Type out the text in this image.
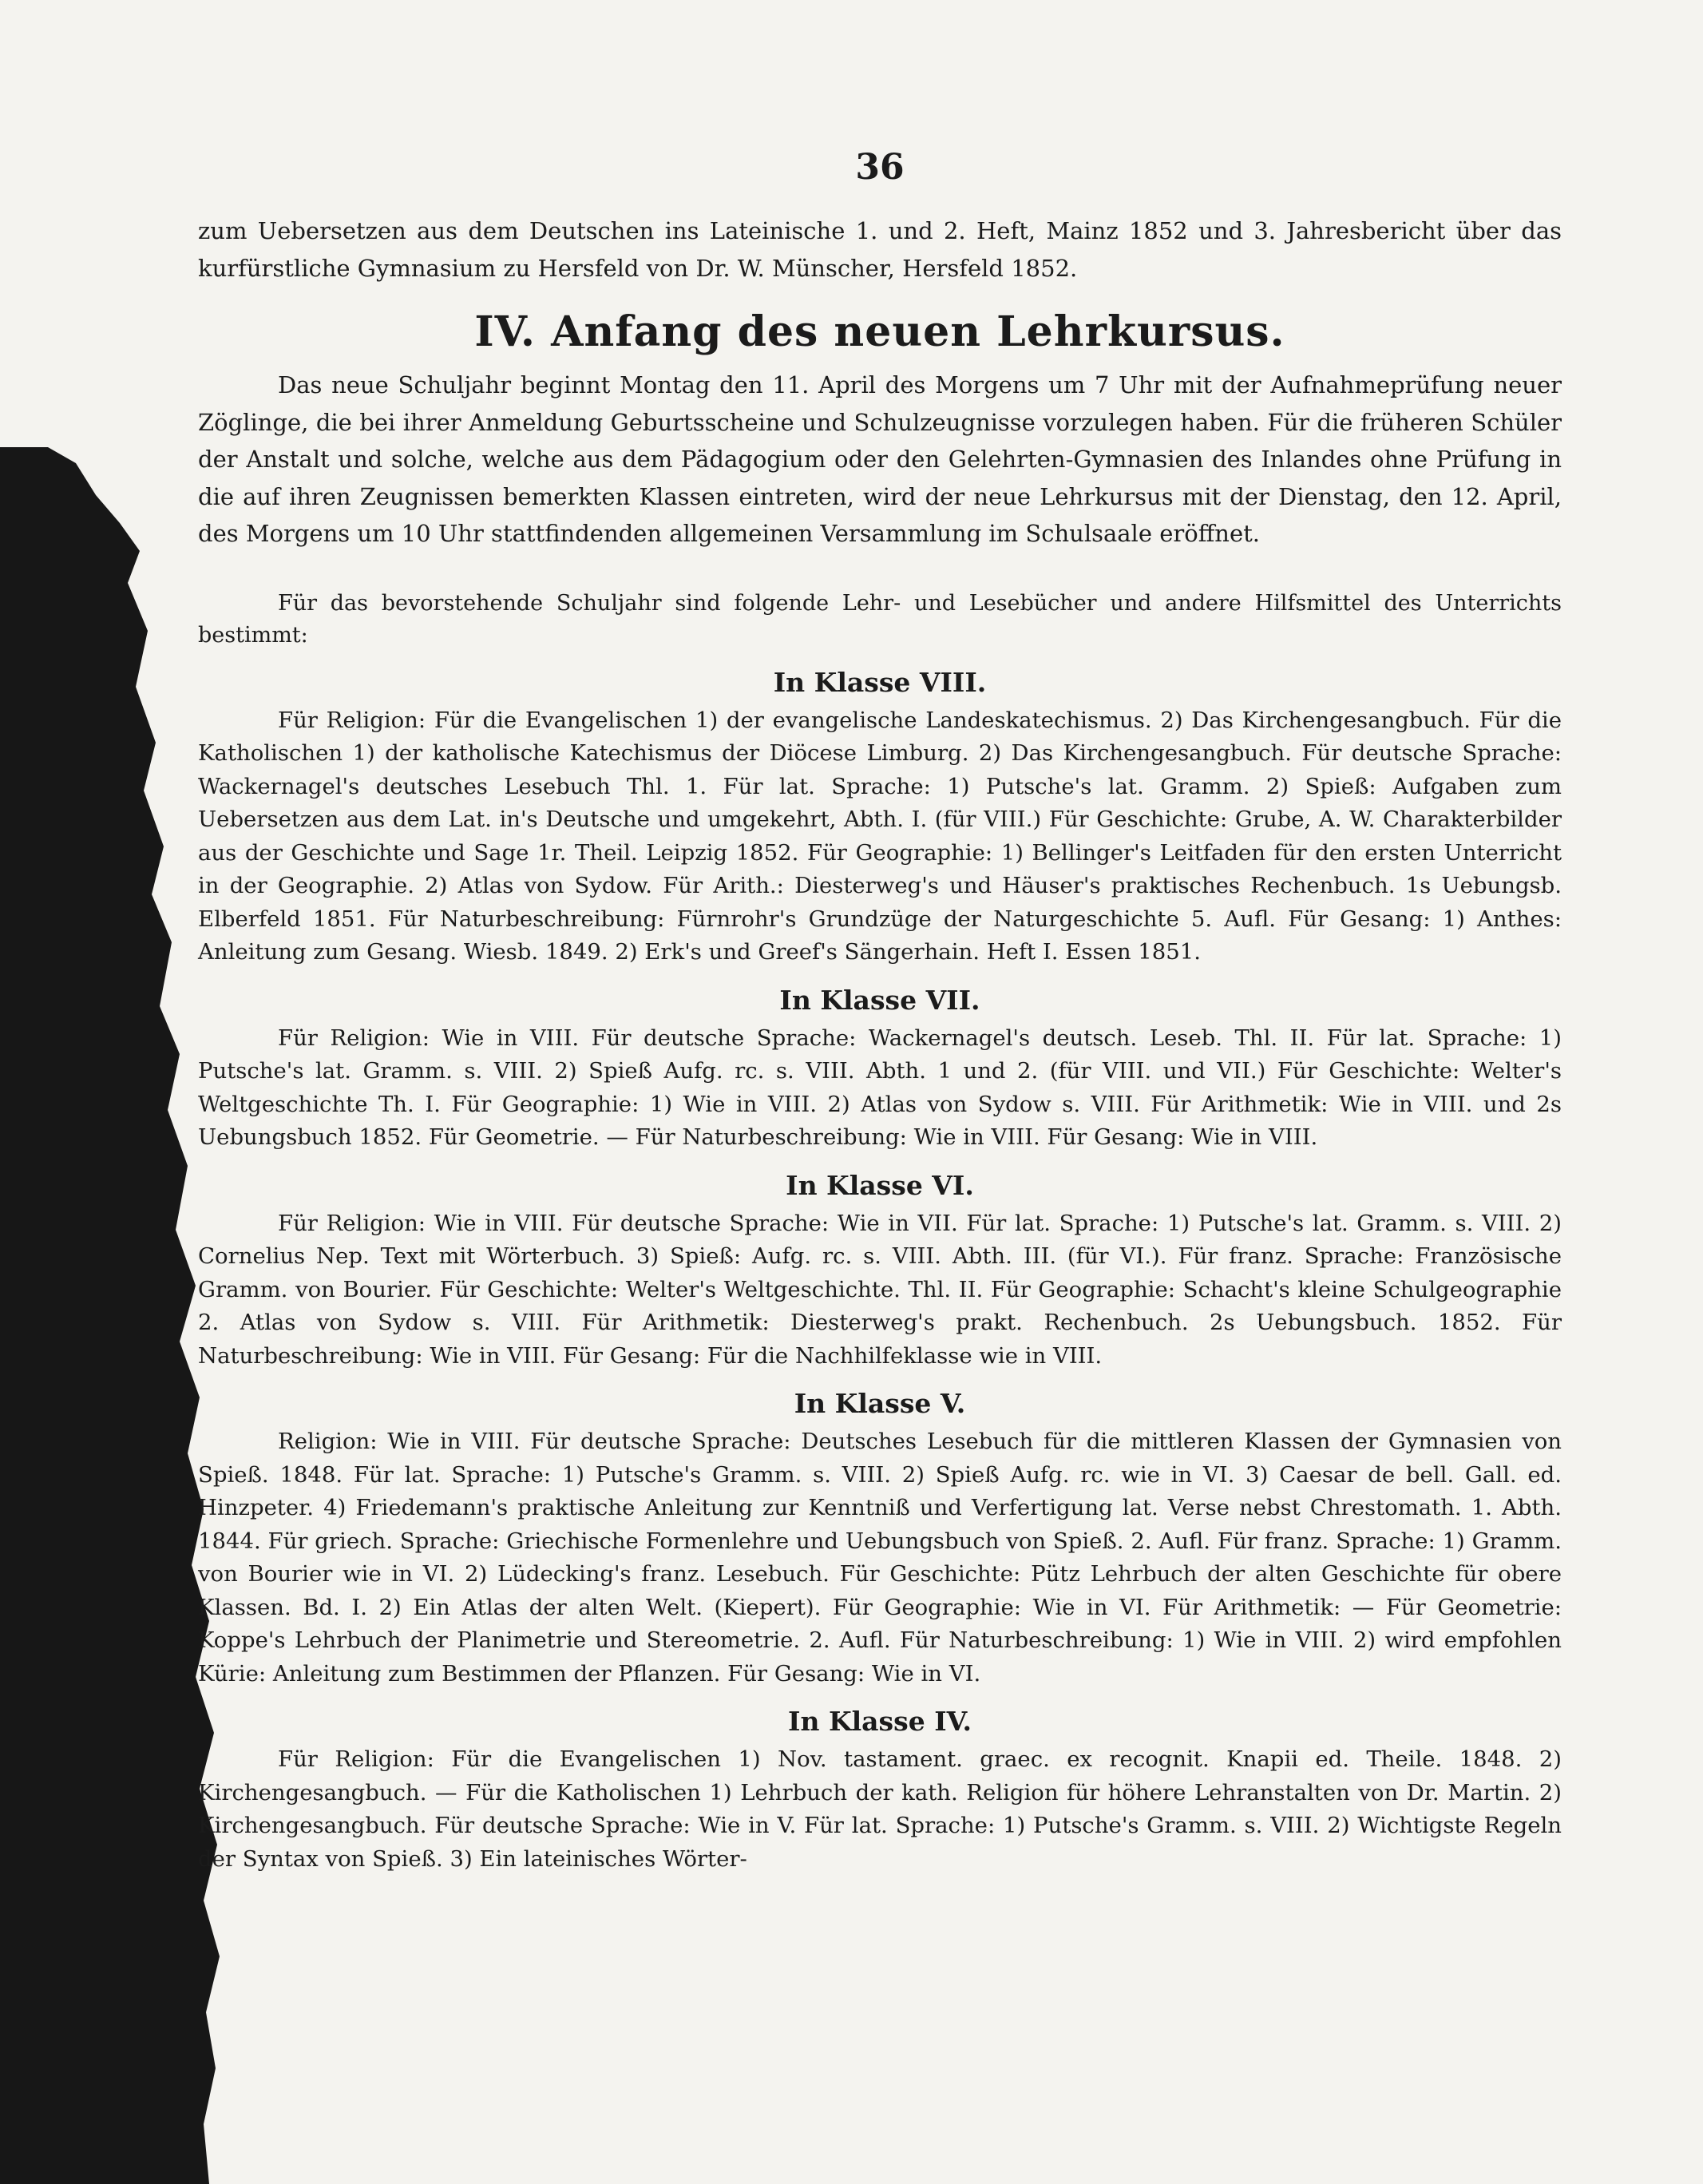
36

zum Uebersetzen aus dem Deutschen ins Lateinische 1. und 2. Heft, Mainz 1852 und 3. Jahresbericht über das kurfürstliche Gymnasium zu Hersfeld von Dr. W. Münscher, Hersfeld 1852.

IV. Anfang des neuen Lehrkursus.

Das neue Schuljahr beginnt Montag den 11. April des Morgens um 7 Uhr mit der Aufnahmeprüfung neuer Zöglinge, die bei ihrer Anmeldung Geburtsscheine und Schulzeugnisse vorzulegen haben. Für die früheren Schüler der Anstalt und solche, welche aus dem Pädagogium oder den Gelehrten-Gymnasien des Inlandes ohne Prüfung in die auf ihren Zeugnissen bemerkten Klassen eintreten, wird der neue Lehrkursus mit der Dienstag, den 12. April, des Morgens um 10 Uhr stattfindenden allgemeinen Versammlung im Schulsaale eröffnet.

Für das bevorstehende Schuljahr sind folgende Lehr- und Lesebücher und andere Hilfsmittel des Unterrichts bestimmt:

In Klasse VIII.

Für Religion: Für die Evangelischen 1) der evangelische Landeskatechismus. 2) Das Kirchengesangbuch. Für die Katholischen 1) der katholische Katechismus der Diöcese Limburg. 2) Das Kirchengesangbuch. Für deutsche Sprache: Wackernagel's deutsches Lesebuch Thl. 1. Für lat. Sprache: 1) Putsche's lat. Gramm. 2) Spieß: Aufgaben zum Uebersetzen aus dem Lat. in's Deutsche und umgekehrt, Abth. I. (für VIII.) Für Geschichte: Grube, A. W. Charakterbilder aus der Geschichte und Sage 1r. Theil. Leipzig 1852. Für Geographie: 1) Bellinger's Leitfaden für den ersten Unterricht in der Geographie. 2) Atlas von Sydow. Für Arith.: Diesterweg's und Häuser's praktisches Rechenbuch. 1s Uebungsb. Elberfeld 1851. Für Naturbeschreibung: Fürnrohr's Grundzüge der Naturgeschichte 5. Aufl. Für Gesang: 1) Anthes: Anleitung zum Gesang. Wiesb. 1849. 2) Erk's und Greef's Sängerhain. Heft I. Essen 1851.

In Klasse VII.

Für Religion: Wie in VIII. Für deutsche Sprache: Wackernagel's deutsch. Leseb. Thl. II. Für lat. Sprache: 1) Putsche's lat. Gramm. s. VIII. 2) Spieß Aufg. rc. s. VIII. Abth. 1 und 2. (für VIII. und VII.) Für Geschichte: Welter's Weltgeschichte Th. I. Für Geographie: 1) Wie in VIII. 2) Atlas von Sydow s. VIII. Für Arithmetik: Wie in VIII. und 2s Uebungsbuch 1852. Für Geometrie. — Für Naturbeschreibung: Wie in VIII. Für Gesang: Wie in VIII.

In Klasse VI.

Für Religion: Wie in VIII. Für deutsche Sprache: Wie in VII. Für lat. Sprache: 1) Putsche's lat. Gramm. s. VIII. 2) Cornelius Nep. Text mit Wörterbuch. 3) Spieß: Aufg. rc. s. VIII. Abth. III. (für VI.). Für franz. Sprache: Französische Gramm. von Bourier. Für Geschichte: Welter's Weltgeschichte. Thl. II. Für Geographie: Schacht's kleine Schulgeographie 2. Atlas von Sydow s. VIII. Für Arithmetik: Diesterweg's prakt. Rechenbuch. 2s Uebungsbuch. 1852. Für Naturbeschreibung: Wie in VIII. Für Gesang: Für die Nachhilfeklasse wie in VIII.

In Klasse V.

Religion: Wie in VIII. Für deutsche Sprache: Deutsches Lesebuch für die mittleren Klassen der Gymnasien von Spieß. 1848. Für lat. Sprache: 1) Putsche's Gramm. s. VIII. 2) Spieß Aufg. rc. wie in VI. 3) Caesar de bell. Gall. ed. Hinzpeter. 4) Friedemann's praktische Anleitung zur Kenntniß und Verfertigung lat. Verse nebst Chrestomath. 1. Abth. 1844. Für griech. Sprache: Griechische Formenlehre und Uebungsbuch von Spieß. 2. Aufl. Für franz. Sprache: 1) Gramm. von Bourier wie in VI. 2) Lüdecking's franz. Lesebuch. Für Geschichte: Pütz Lehrbuch der alten Geschichte für obere Klassen. Bd. I. 2) Ein Atlas der alten Welt. (Kiepert). Für Geographie: Wie in VI. Für Arithmetik: — Für Geometrie: Koppe's Lehrbuch der Planimetrie und Stereometrie. 2. Aufl. Für Naturbeschreibung: 1) Wie in VIII. 2) wird empfohlen Kürie: Anleitung zum Bestimmen der Pflanzen. Für Gesang: Wie in VI.

In Klasse IV.

Für Religion: Für die Evangelischen 1) Nov. tastament. graec. ex recognit. Knapii ed. Theile. 1848. 2) Kirchengesangbuch. — Für die Katholischen 1) Lehrbuch der kath. Religion für höhere Lehranstalten von Dr. Martin. 2) Kirchengesangbuch. Für deutsche Sprache: Wie in V. Für lat. Sprache: 1) Putsche's Gramm. s. VIII. 2) Wichtigste Regeln der Syntax von Spieß. 3) Ein lateinisches Wörter-
